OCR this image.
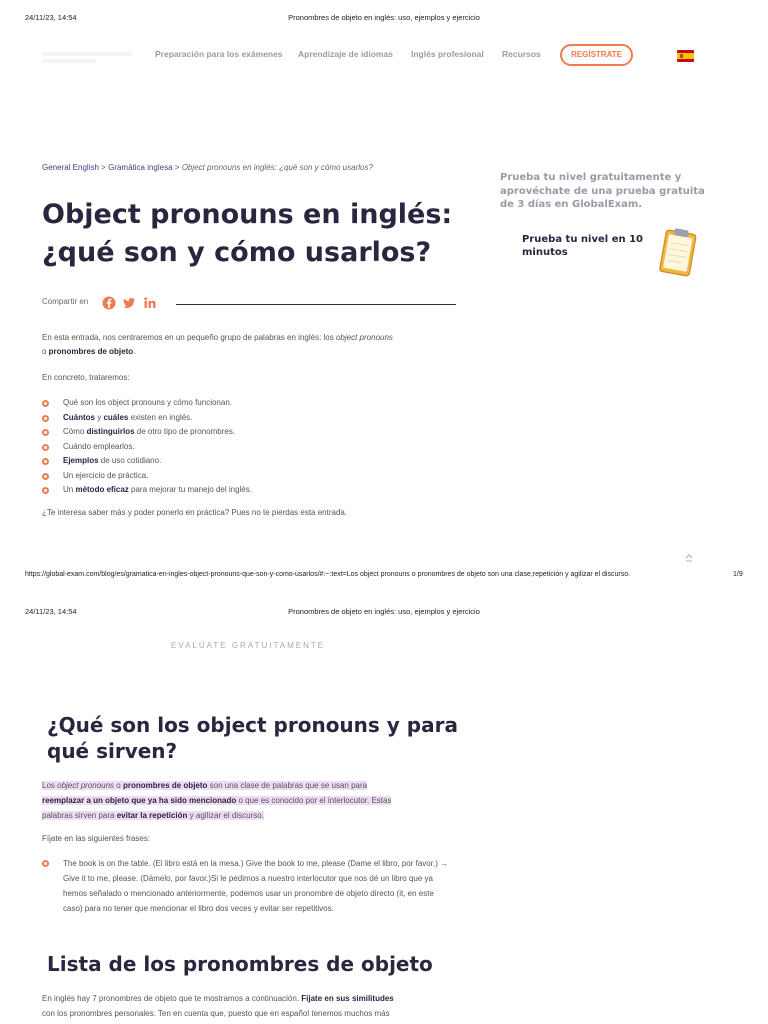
24/11/23, 14:54	Pronombres de objeto en inglés: uso, ejemplos y ejercicio
Preparación para los exámenes Aprendizaje de idiomas Inglés profesional Recursos	REGÍSTRATE
General English > Gramática inglesa > Object pronouns en inglés: ¿qué son y cómo usarlos?
Object pronouns en inglés:
¿qué son y cómo usarlos?
Compartir en
En esta entrada, nos centraremos en un pequeño grupo de palabras en inglés: los object pronouns
o pronombres de objeto.
En concreto, trataremos:
Qué son los object pronouns y cómo funcionan.
Cuántos y cuáles existen en inglés.
Cómo distinguirlos de otro tipo de pronombres.
Cuándo emplearlos.
Ejemplos de uso cotidiano.
Un ejercicio de práctica.
Un método eficaz para mejorar tu manejo del inglés.
¿Te interesa saber más y poder ponerlo en práctica? Pues no te pierdas esta entrada.
Prueba tu nivel gratuitamente y aprovéchate de una prueba gratuita de 3 días en GlobalExam.
Prueba tu nivel en 10 minutos
https://global-exam.com/blog/es/gramatica-en-ingles-object-pronouns-que-son-y-como-usarlos/#:~:text=Los object pronouns o pronombres de objeto son una clase,repetición y agilizar el discurso.	1/9
24/11/23, 14:54	Pronombres de objeto en inglés: uso, ejemplos y ejercicio
EVALÚATE GRATUITAMENTE
¿Qué son los object pronouns y para
qué sirven?
Los object pronouns o pronombres de objeto son una clase de palabras que se usan para
reemplazar a un objeto que ya ha sido mencionado o que es conocido por el interlocutor. Estas
palabras sirven para evitar la repetición y agilizar el discurso.
Fíjate en las siguientes frases:
The book is on the table. (El libro está en la mesa.) Give the book to me, please (Dame el libro, por favor.) → Give it to me, please. (Dámelo, por favor.)Si le pedimos a nuestro interlocutor que nos dé un libro que ya hemos señalado o mencionado anteriormente, podemos usar un pronombre de objeto directo (it, en este caso) para no tener que mencionar el libro dos veces y evitar ser repetitivos.
Lista de los pronombres de objeto
En inglés hay 7 pronombres de objeto que te mostramos a continuación. Fíjate en sus similitudes
con los pronombres personales. Ten en cuenta que, puesto que en español tenemos muchos más
